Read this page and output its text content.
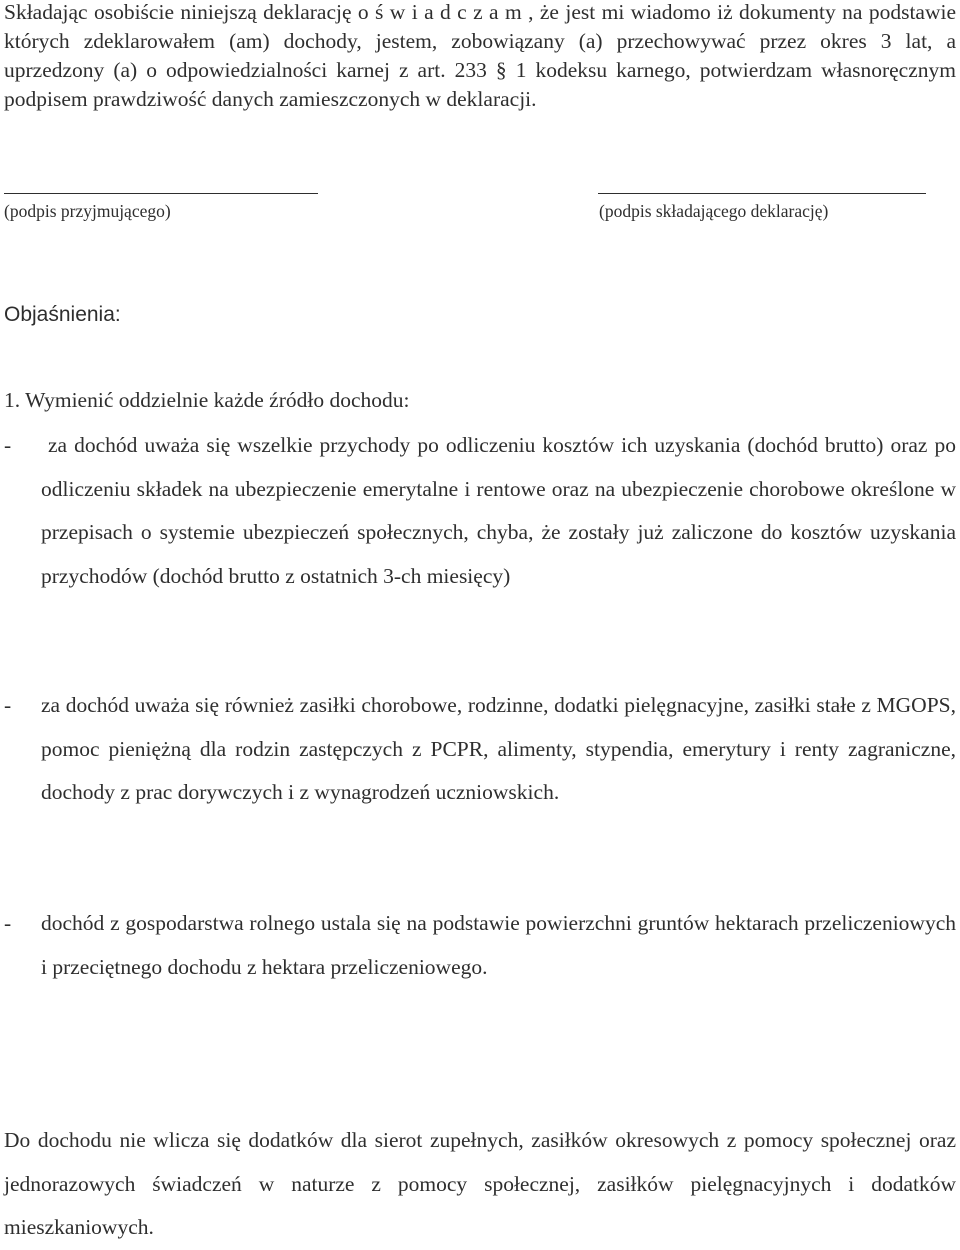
Składając osobiście niniejszą deklarację o ś w i a d c z a m , że jest mi wiadomo iż dokumenty na podstawie których zdeklarowałem (am) dochody, jestem, zobowiązany (a) przechowywać przez okres 3 lat, a uprzedzony (a) o odpowiedzialności karnej z art. 233 § 1 kodeksu karnego, potwierdzam własnoręcznym podpisem prawdziwość danych zamieszczonych w deklaracji.

(podpis przyjmującego)	(podpis składającego deklarację)
Objaśnienia:
1. Wymienić oddzielnie każde źródło dochodu:
-	za dochód uważa się wszelkie przychody po odliczeniu kosztów ich uzyskania (dochód brutto) oraz po odliczeniu składek na ubezpieczenie emerytalne i rentowe oraz na ubezpieczenie chorobowe określone w przepisach o systemie ubezpieczeń społecznych, chyba, że zostały już zaliczone do kosztów uzyskania przychodów (dochód brutto z ostatnich 3-ch miesięcy)
- za dochód uważa się również zasiłki chorobowe, rodzinne, dodatki pielęgnacyjne, zasiłki stałe z MGOPS, pomoc pieniężną dla rodzin zastępczych z PCPR, alimenty, stypendia, emerytury i renty zagraniczne, dochody z prac dorywczych i z wynagrodzeń uczniowskich.
- dochód z gospodarstwa rolnego ustala się na podstawie powierzchni gruntów hektarach przeliczeniowych i przeciętnego dochodu z hektara przeliczeniowego.

Do dochodu nie wlicza się dodatków dla sierot zupełnych, zasiłków okresowych z pomocy społecznej oraz jednorazowych świadczeń w naturze z pomocy społecznej, zasiłków pielęgnacyjnych i dodatków mieszkaniowych.
